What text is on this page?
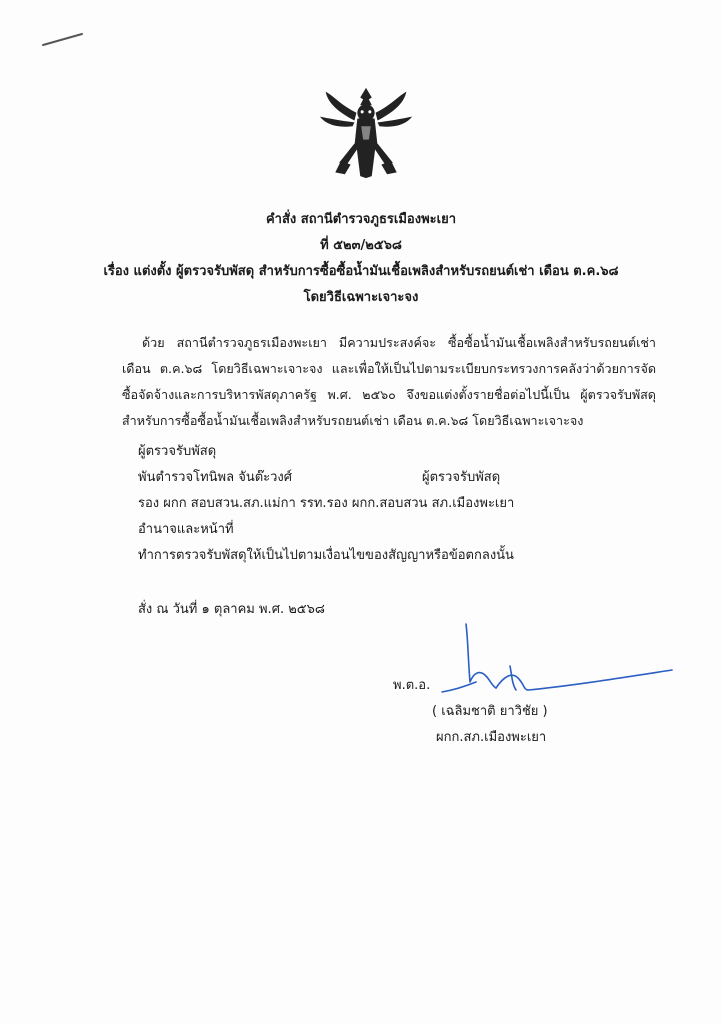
คำสั่ง สถานีตำรวจภูธรเมืองพะเยา
ที่ ๕๒๓/๒๕๖๘
เรื่อง แต่งตั้ง ผู้ตรวจรับพัสดุ สำหรับการซื้อซื้อน้ำมันเชื้อเพลิงสำหรับรถยนต์เช่า เดือน ต.ค.๖๘
โดยวิธีเฉพาะเจาะจง
ด้วย สถานีตำรวจภูธรเมืองพะเยา มีความประสงค์จะ ซื้อซื้อน้ำมันเชื้อเพลิงสำหรับรถยนต์เช่า เดือน ต.ค.๖๘ โดยวิธีเฉพาะเจาะจง และเพื่อให้เป็นไปตามระเบียบกระทรวงการคลังว่าด้วยการจัดซื้อจัดจ้างและการบริหารพัสดุภาครัฐ พ.ศ. ๒๕๖๐ จึงขอแต่งตั้งรายชื่อต่อไปนี้เป็น ผู้ตรวจรับพัสดุ สำหรับการซื้อซื้อน้ำมันเชื้อเพลิงสำหรับรถยนต์เช่า เดือน ต.ค.๖๘ โดยวิธีเฉพาะเจาะจง
ผู้ตรวจรับพัสดุ
พันตำรวจโทนิพล จันต๊ะวงศ์	ผู้ตรวจรับพัสดุ
รอง ผกก สอบสวน.สภ.แม่กา รรท.รอง ผกก.สอบสวน สภ.เมืองพะเยา
อำนาจและหน้าที่
ทำการตรวจรับพัสดุให้เป็นไปตามเงื่อนไขของสัญญาหรือข้อตกลงนั้น
สั่ง ณ วันที่ ๑ ตุลาคม พ.ศ. ๒๕๖๘
พ.ต.อ.
( เฉลิมชาติ ยาวิชัย )
ผกก.สภ.เมืองพะเยา
